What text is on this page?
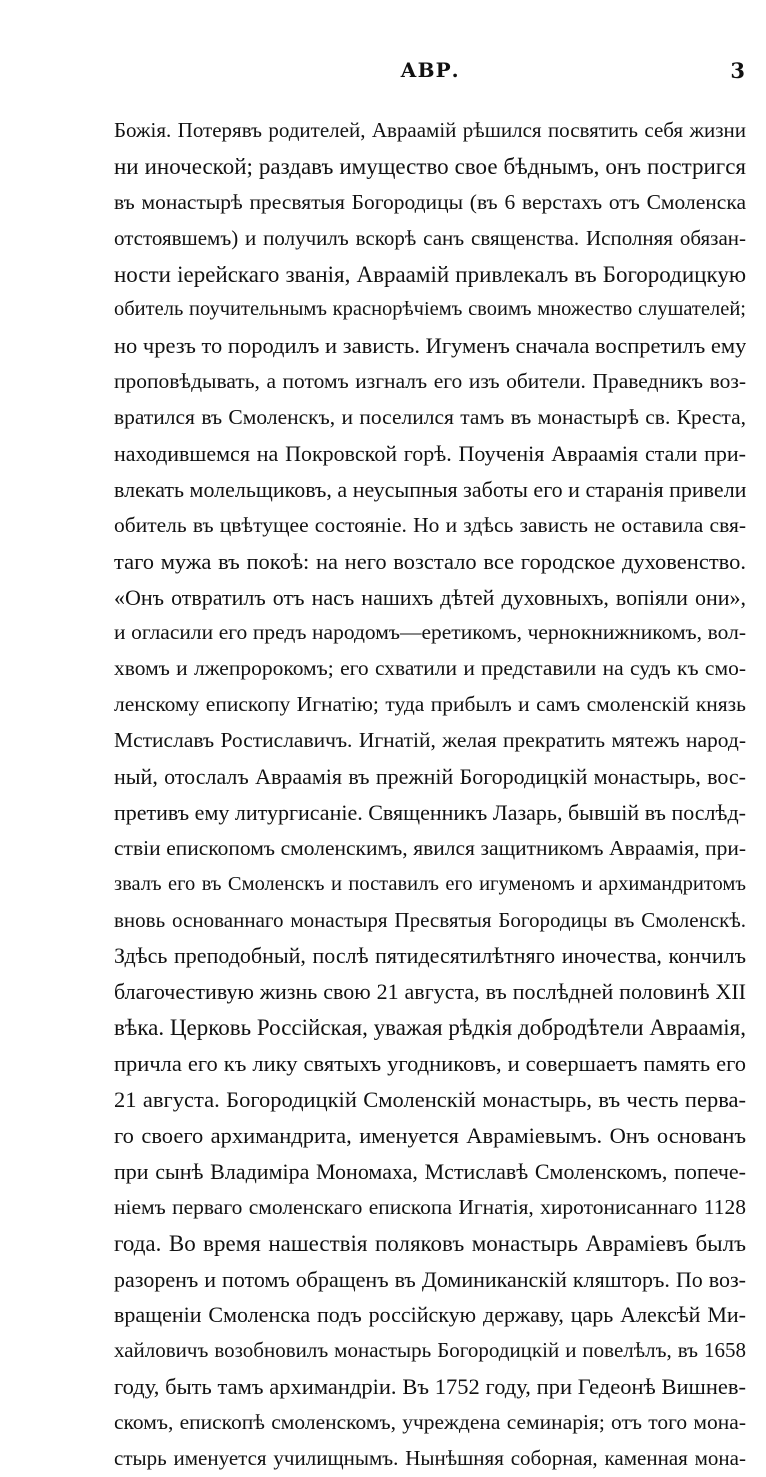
АВР.	3
Божія. Потерявъ родителей, Авраамій рѣшился посвятить себя жизни
ни иноческой; раздавъ имущество свое бѣднымъ, онъ постригся
въ монастырѣ пресвятыя Богородицы (въ 6 верстахъ отъ Смоленска
отстоявшемъ) и получилъ вскорѣ санъ священства. Исполняя обязан-
ности іерейскаго званія, Авраамій привлекалъ въ Богородицкую
обитель поучительнымъ краснорѣчіемъ своимъ множество слушателей;
но чрезъ то породилъ и зависть. Игуменъ сначала воспретилъ ему
проповѣдывать, а потомъ изгналъ его изъ обители. Праведникъ воз-
вратился въ Смоленскъ, и поселился тамъ въ монастырѣ св. Креста,
находившемся на Покровской горѣ. Поученія Авраамія стали при-
влекать молельщиковъ, а неусыпныя заботы его и старанія привели
обитель въ цвѣтущее состояніе. Но и здѣсь зависть не оставила свя-
таго мужа въ покоѣ: на него возстало все городское духовенство.
«Онъ отвратилъ отъ насъ нашихъ дѣтей духовныхъ, вопіяли они»,
и огласили его предъ народомъ—еретикомъ, чернокнижникомъ, вол-
хвомъ и лжепророкомъ; его схватили и представили на судъ къ смо-
ленскому епископу Игнатію; туда прибылъ и самъ смоленскій князь
Мстиславъ Ростиславичъ. Игнатій, желая прекратить мятежъ народ-
ный, отослалъ Авраамія въ прежній Богородицкій монастырь, вос-
претивъ ему литургисаніе. Священникъ Лазарь, бывшій въ послѣд-
ствіи епископомъ смоленскимъ, явился защитникомъ Авраамія, при-
звалъ его въ Смоленскъ и поставилъ его игуменомъ и архимандритомъ
вновь основаннаго монастыря Пресвятыя Богородицы въ Смоленскѣ.
Здѣсь преподобный, послѣ пятидесятилѣтняго иночества, кончилъ
благочестивую жизнь свою 21 августа, въ послѣдней половинѣ XII
вѣка. Церковь Россійская, уважая рѣдкія добродѣтели Авраамія,
причла его къ лику святыхъ угодниковъ, и совершаетъ память его
21 августа. Богородицкій Смоленскій монастырь, въ честь перва-
го своего архимандрита, именуется Авраміевымъ. Онъ основанъ
при сынѣ Владиміра Мономаха, Мстиславѣ Смоленскомъ, попече-
ніемъ перваго смоленскаго епископа Игнатія, хиротонисаннаго 1128
года. Во время нашествія поляковъ монастырь Авраміевъ былъ
разоренъ и потомъ обращенъ въ Доминиканскій кляшторъ. По воз-
вращеніи Смоленска подъ россійскую державу, царь Алексѣй Ми-
хайловичъ возобновилъ монастырь Богородицкій и повелѣлъ, въ 1658
году, быть тамъ архимандріи. Въ 1752 году, при Гедеонѣ Вишнев-
скомъ, епископѣ смоленскомъ, учреждена семинарія; отъ того мона-
стырь именуется училищнымъ. Нынѣшняя соборная, каменная мона-
